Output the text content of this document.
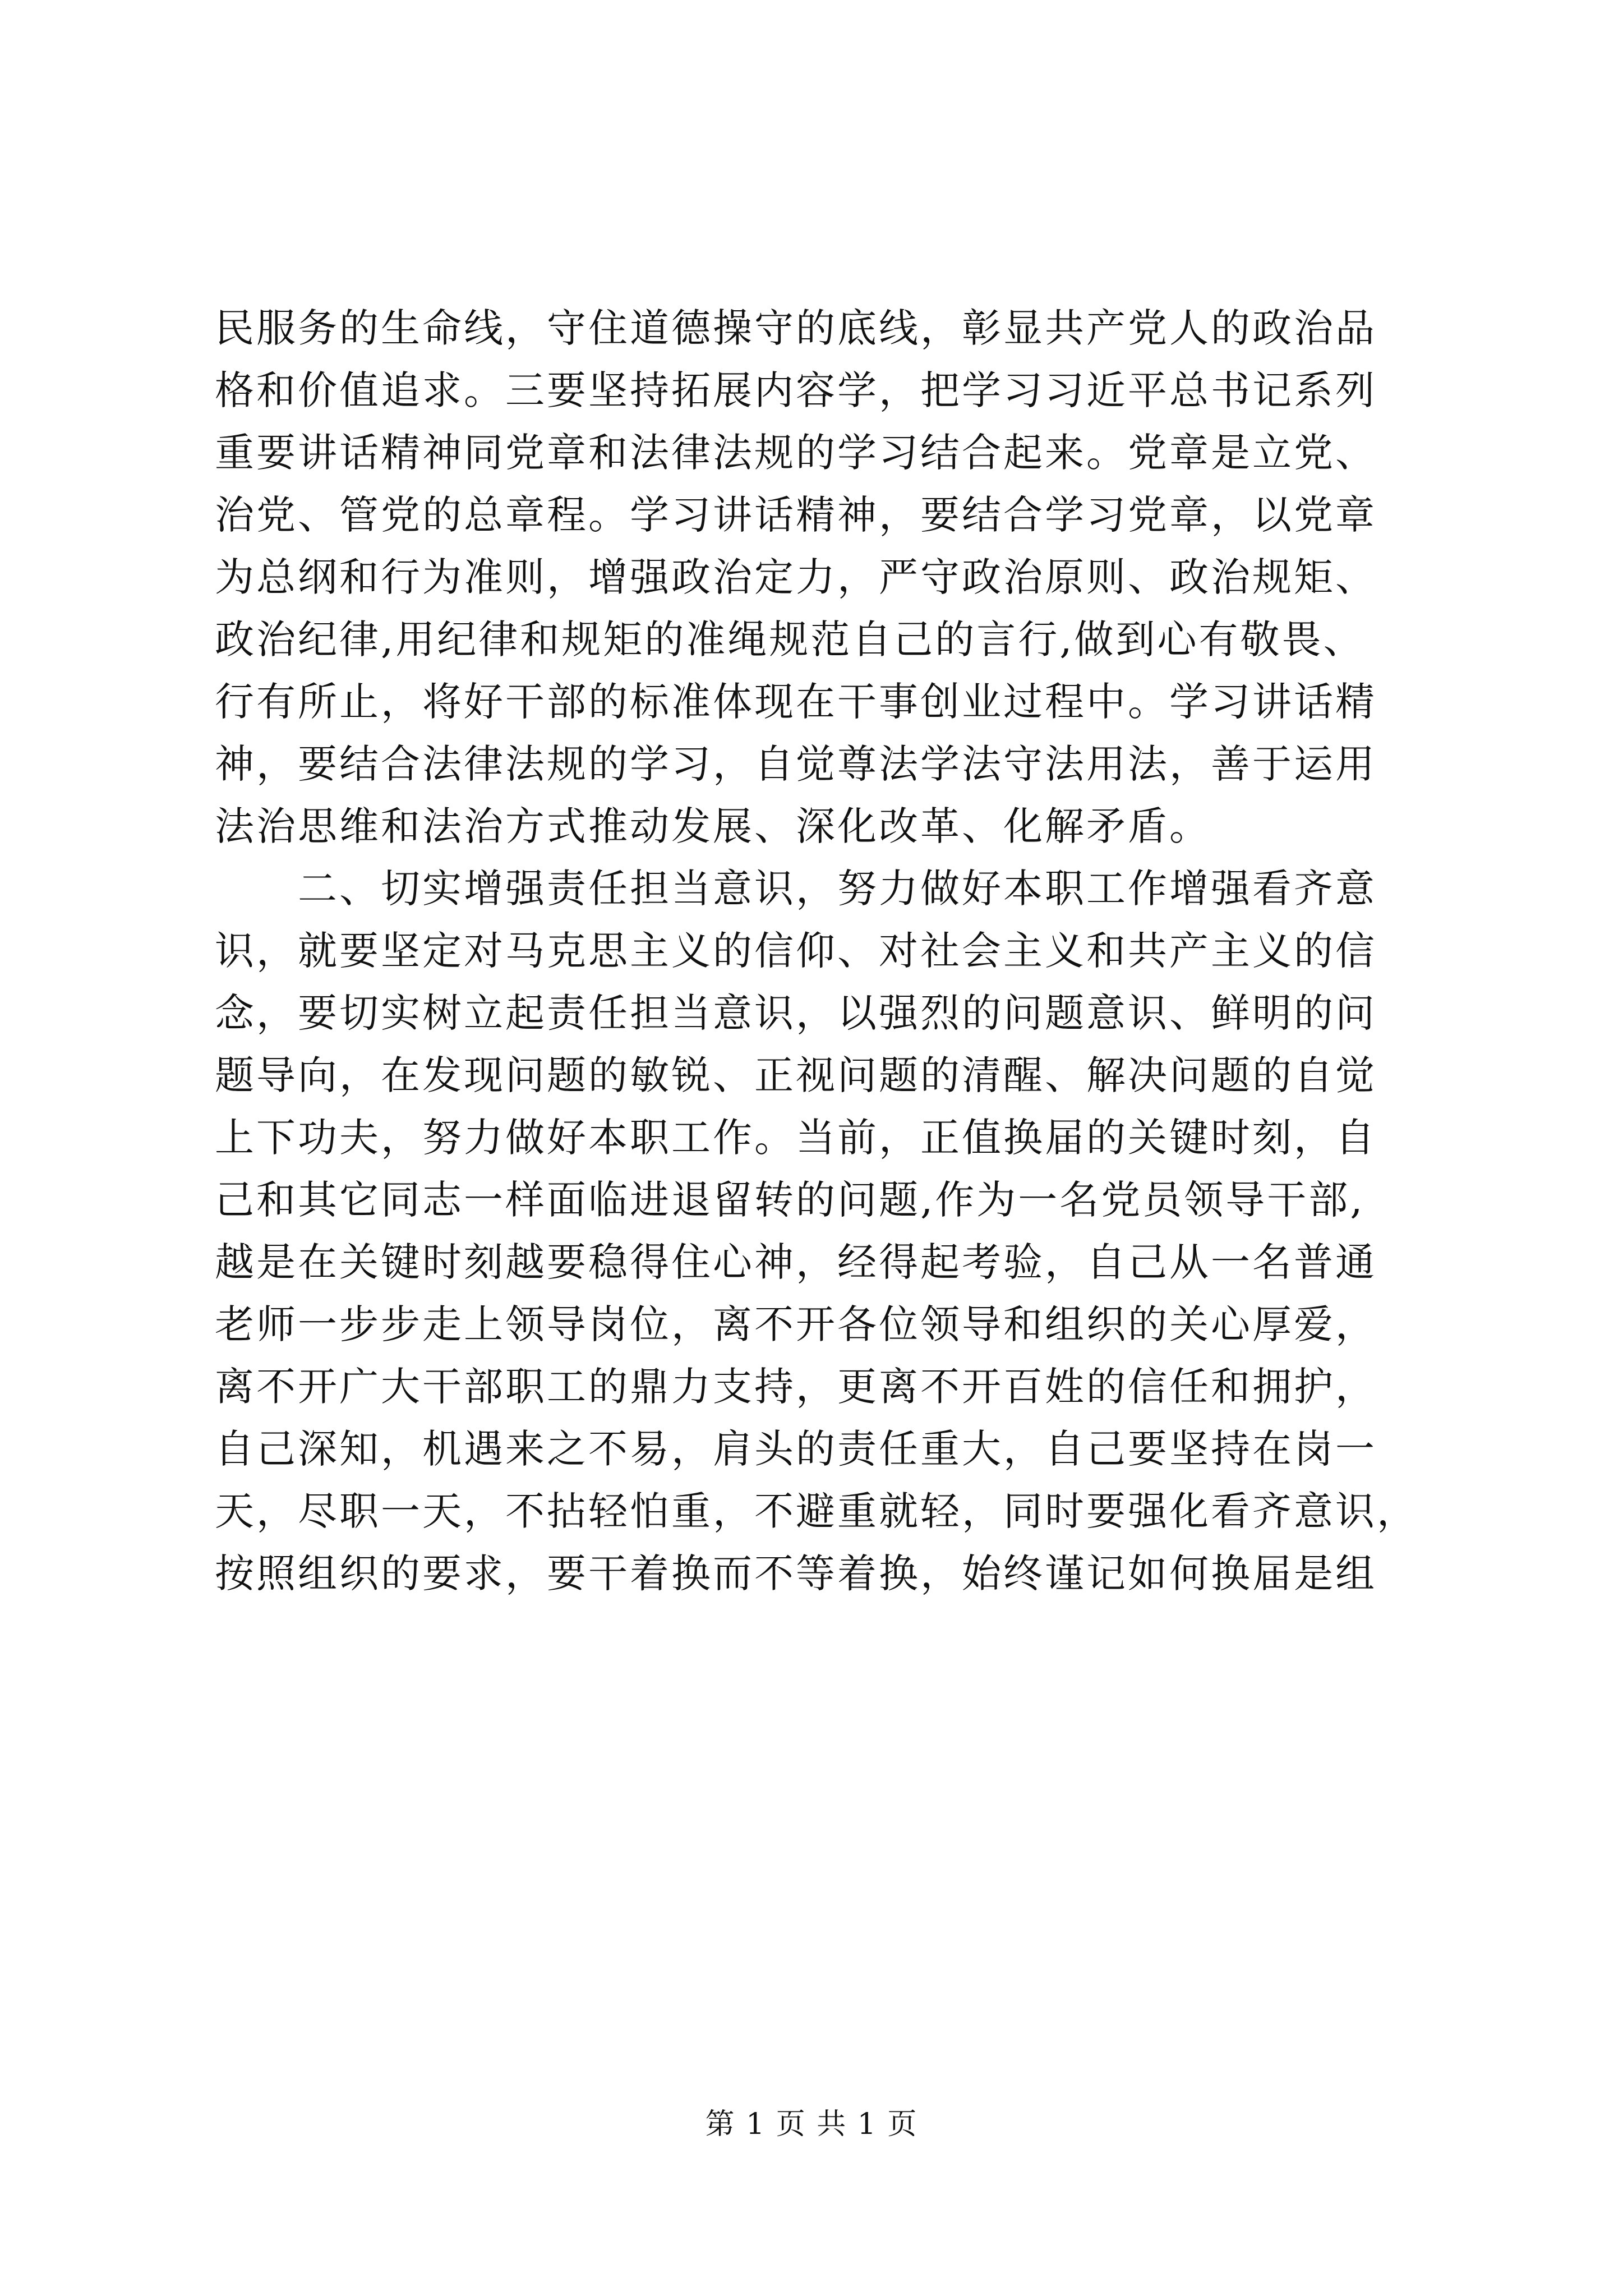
民服务的生命线，守住道德操守的底线，彰显共产党人的政治品
格和价值追求。三要坚持拓展内容学，把学习习近平总书记系列
重要讲话精神同党章和法律法规的学习结合起来。党章是立党、
治党、管党的总章程。学习讲话精神，要结合学习党章，以党章
为总纲和行为准则，增强政治定力，严守政治原则、政治规矩、
政治纪律,用纪律和规矩的准绳规范自己的言行,做到心有敬畏、
行有所止，将好干部的标准体现在干事创业过程中。学习讲话精
神，要结合法律法规的学习，自觉尊法学法守法用法，善于运用
法治思维和法治方式推动发展、深化改革、化解矛盾。
　　二、切实增强责任担当意识，努力做好本职工作增强看齐意
识，就要坚定对马克思主义的信仰、对社会主义和共产主义的信
念，要切实树立起责任担当意识，以强烈的问题意识、鲜明的问
题导向，在发现问题的敏锐、正视问题的清醒、解决问题的自觉
上下功夫，努力做好本职工作。当前，正值换届的关键时刻，自
己和其它同志一样面临进退留转的问题,作为一名党员领导干部,
越是在关键时刻越要稳得住心神，经得起考验，自己从一名普通
老师一步步走上领导岗位，离不开各位领导和组织的关心厚爱，
离不开广大干部职工的鼎力支持，更离不开百姓的信任和拥护，
自己深知，机遇来之不易，肩头的责任重大，自己要坚持在岗一
天，尽职一天，不拈轻怕重，不避重就轻，同时要强化看齐意识，
按照组织的要求，要干着换而不等着换，始终谨记如何换届是组
第 1 页 共 1 页
